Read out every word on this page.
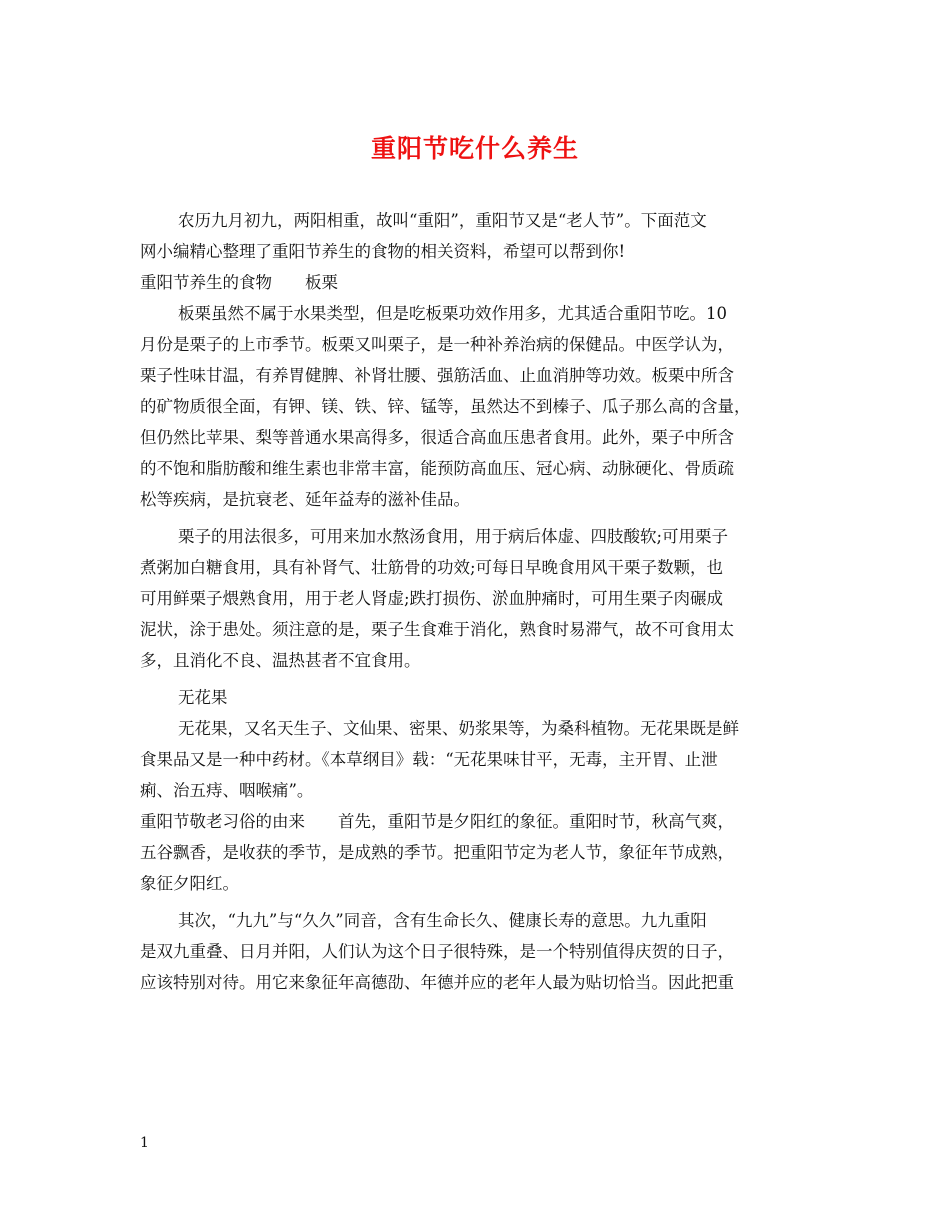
重阳节吃什么养生
农历九月初九，两阳相重，故叫“重阳”，重阳节又是“老人节”。下面范文
网小编精心整理了重阳节养生的食物的相关资料，希望可以帮到你!
重阳节养生的食物　　板栗
板栗虽然不属于水果类型，但是吃板栗功效作用多，尤其适合重阳节吃。10
月份是栗子的上市季节。板栗又叫栗子，是一种补养治病的保健品。中医学认为，
栗子性味甘温，有养胃健脾、补肾壮腰、强筋活血、止血消肿等功效。板栗中所含
的矿物质很全面，有钾、镁、铁、锌、锰等，虽然达不到榛子、瓜子那么高的含量，
但仍然比苹果、梨等普通水果高得多，很适合高血压患者食用。此外，栗子中所含
的不饱和脂肪酸和维生素也非常丰富，能预防高血压、冠心病、动脉硬化、骨质疏
松等疾病，是抗衰老、延年益寿的滋补佳品。
栗子的用法很多，可用来加水熬汤食用，用于病后体虚、四肢酸软;可用栗子
煮粥加白糖食用，具有补肾气、壮筋骨的功效;可每日早晚食用风干栗子数颗，也
可用鲜栗子煨熟食用，用于老人肾虚;跌打损伤、淤血肿痛时，可用生栗子肉碾成
泥状，涂于患处。须注意的是，栗子生食难于消化，熟食时易滞气，故不可食用太
多，且消化不良、温热甚者不宜食用。
无花果
无花果，又名天生子、文仙果、密果、奶浆果等，为桑科植物。无花果既是鲜
食果品又是一种中药材。《本草纲目》载：“无花果味甘平，无毒，主开胃、止泄
痢、治五痔、咽喉痛”。
重阳节敬老习俗的由来　　首先，重阳节是夕阳红的象征。重阳时节，秋高气爽，
五谷飘香，是收获的季节，是成熟的季节。把重阳节定为老人节，象征年节成熟，
象征夕阳红。
其次，“九九”与“久久”同音，含有生命长久、健康长寿的意思。九九重阳
是双九重叠、日月并阳，人们认为这个日子很特殊，是一个特别值得庆贺的日子，
应该特别对待。用它来象征年高德劭、年德并应的老年人最为贴切恰当。因此把重
1
